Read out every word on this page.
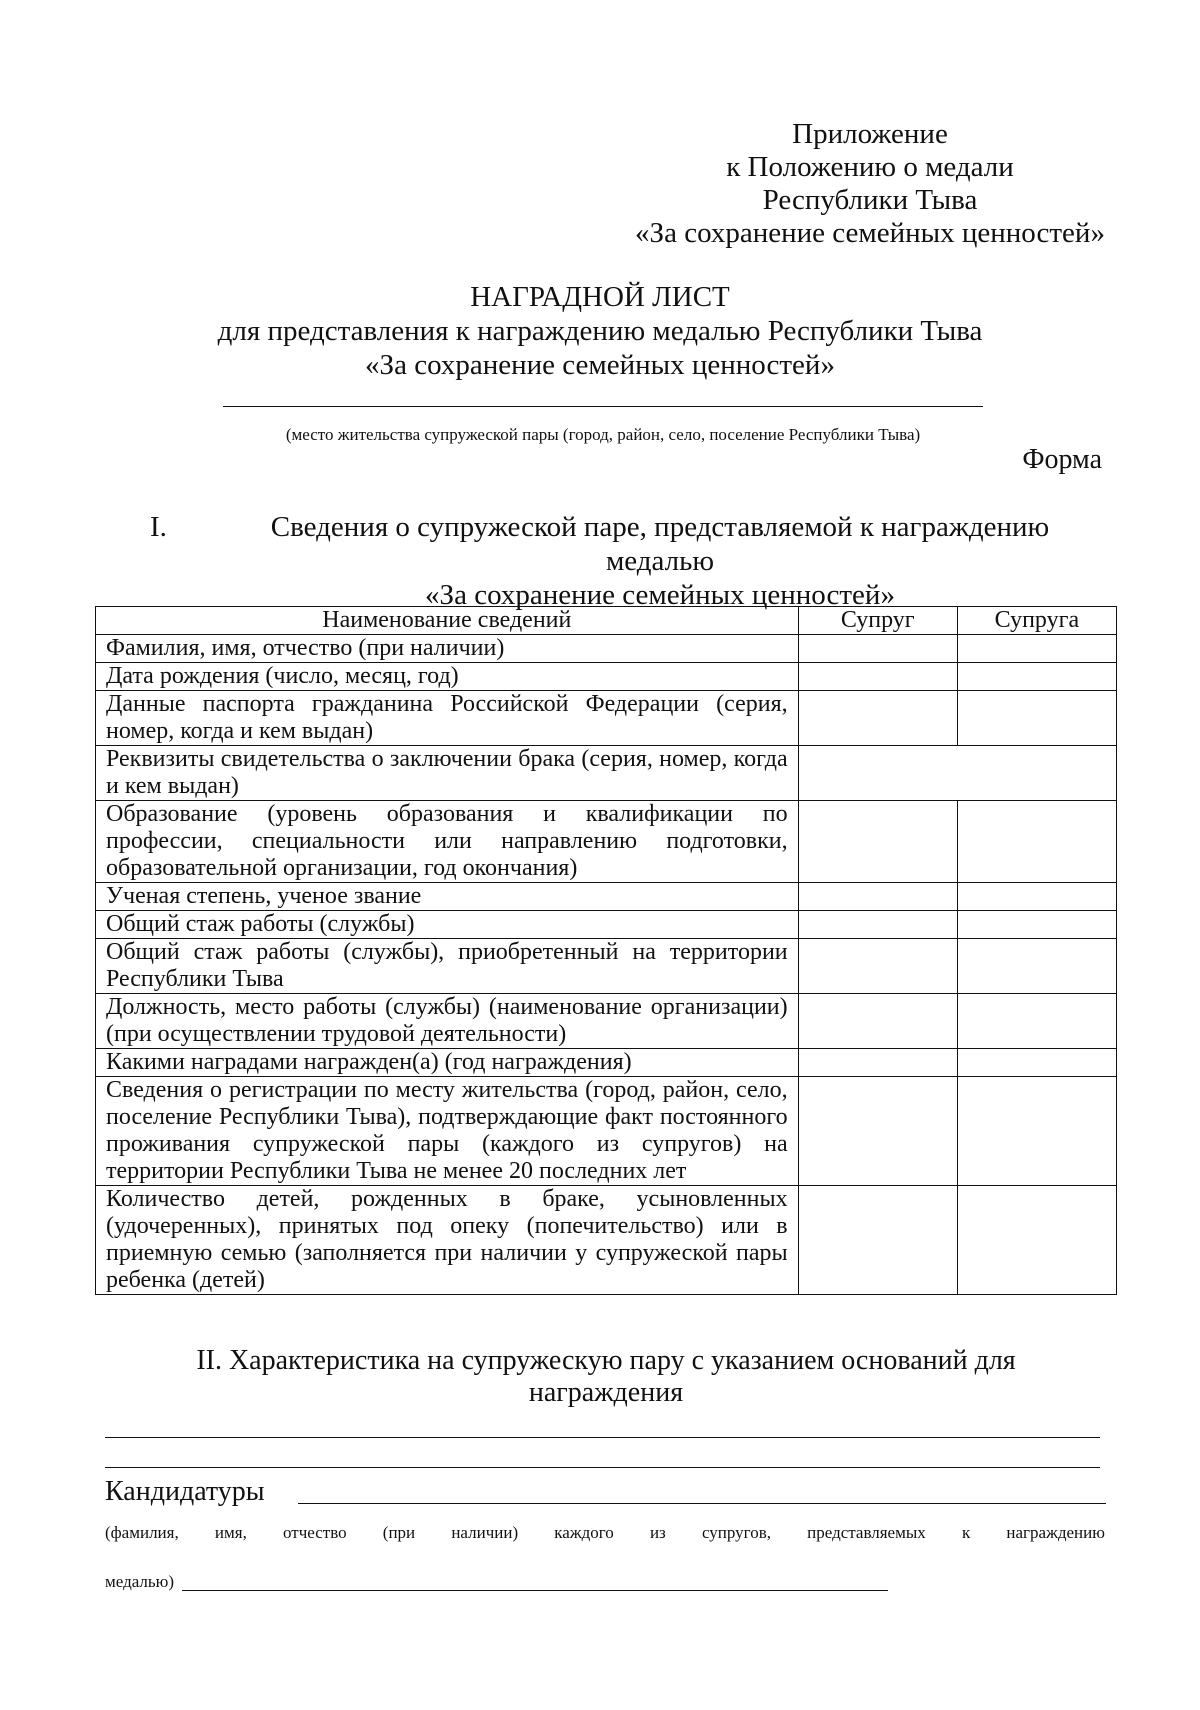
Приложение
к Положению о медали
Республики Тыва
«За сохранение семейных ценностей»
НАГРАДНОЙ ЛИСТ
для представления к награждению медалью Республики Тыва
«За сохранение семейных ценностей»
(место жительства супружеской пары (город, район, село, поселение Республики Тыва)
Форма
I.	Сведения о супружеской паре, представляемой к награждению медалью
«За сохранение семейных ценностей»
Наименование сведений	Супруг	Супруга
Фамилия, имя, отчество (при наличии)		
Дата рождения (число, месяц, год)		
Данные паспорта гражданина Российской Федерации (серия, номер, когда и кем выдан)		
Реквизиты свидетельства о заключении брака (серия, номер, когда и кем выдан)		
Образование (уровень образования и квалификации по профессии, специальности или направлению подготовки, образовательной организации, год окончания)		
Ученая степень, ученое звание		
Общий стаж работы (службы)		
Общий стаж работы (службы), приобретенный на территории Республики Тыва		
Должность, место работы (службы) (наименование организации) (при осуществлении трудовой деятельности)		
Какими наградами награжден(а) (год награждения)		
Сведения о регистрации по месту жительства (город, район, село, поселение Республики Тыва), подтверждающие факт постоянного проживания супружеской пары (каждого из супругов) на территории Республики Тыва не менее 20 последних лет		
Количество детей, рожденных в браке, усыновленных (удочеренных), принятых под опеку (попечительство) или в приемную семью (заполняется при наличии у супружеской пары ребенка (детей)		
II. Характеристика на супружескую пару с указанием оснований для
награждения
Кандидатуры
(фамилия, имя, отчество (при наличии) каждого из супругов, представляемых к награждению
медалью)
